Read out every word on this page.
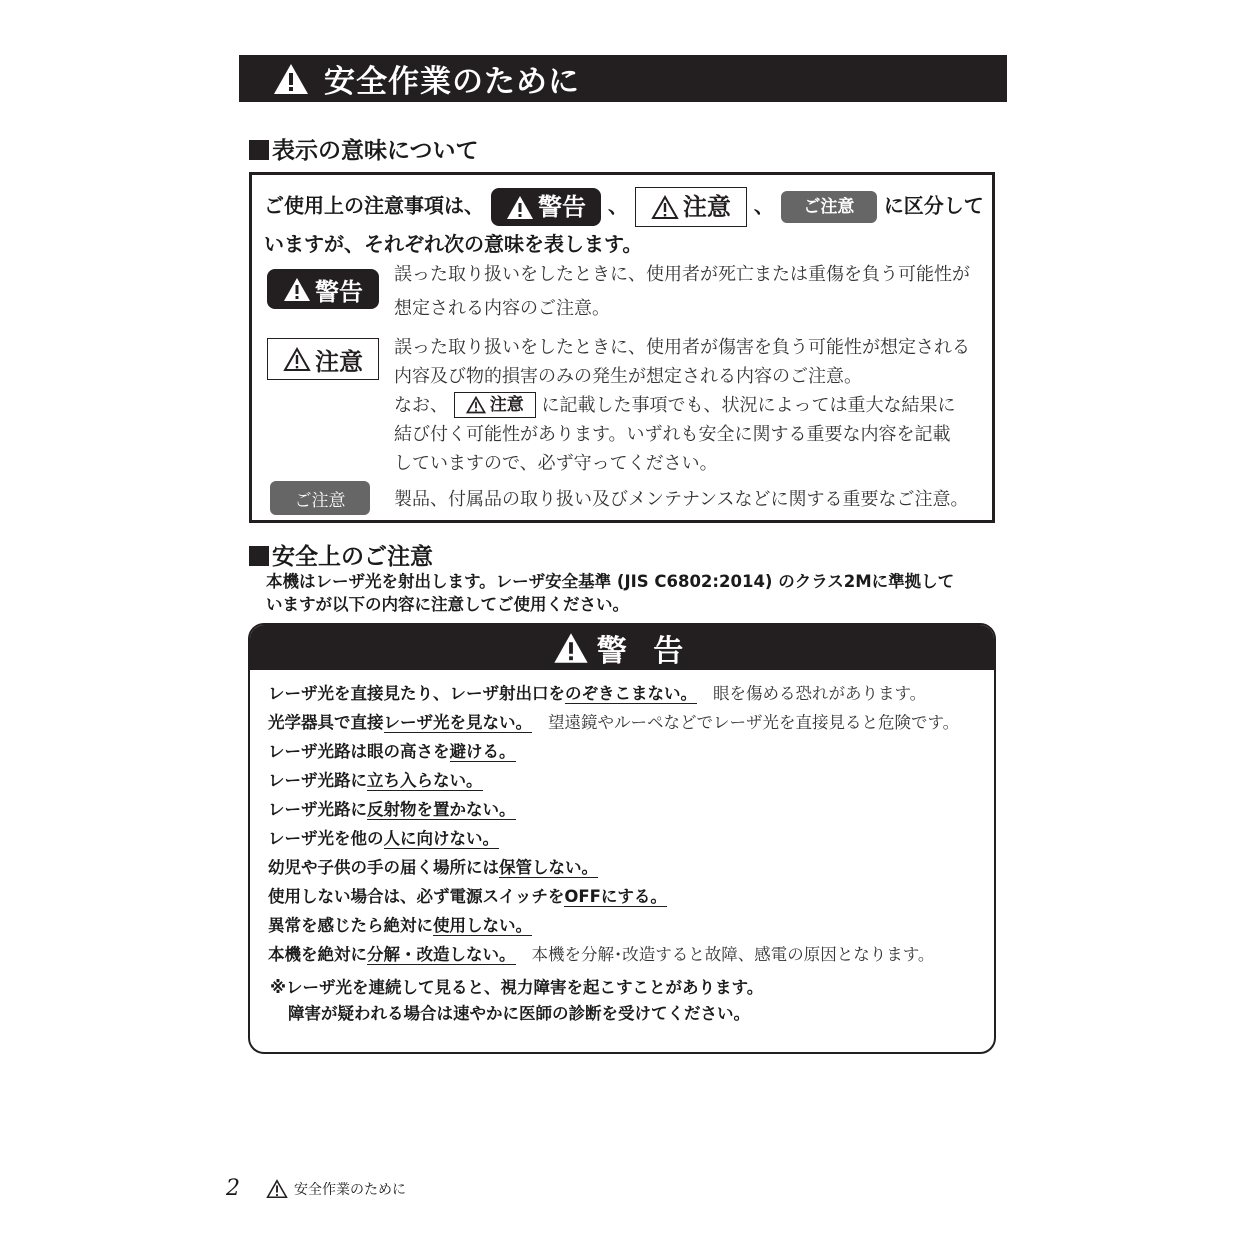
安全作業のために
表示の意味について
ご使用上の注意事項は、 警告 、 注意 、 ご注意 に区分して
いますが、それぞれ次の意味を表します。
警告
誤った取り扱いをしたときに、使用者が死亡または重傷を負う可能性が
想定される内容のご注意。
注意 誤った取り扱いをしたときに、使用者が傷害を負う可能性が想定される
内容及び物的損害のみの発生が想定される内容のご注意。
なお、 注意 に記載した事項でも、状況によっては重大な結果に
結び付く可能性があります。いずれも安全に関する重要な内容を記載
していますので、必ず守ってください。
ご注意	製品、付属品の取り扱い及びメンテナンスなどに関する重要なご注意。
安全上のご注意
本機はレーザ光を射出します。レーザ安全基準 (JIS C6802:2014) のクラス2Mに準拠して
いますが以下の内容に注意してご使用ください。
警 告
レーザ光を直接見たり、レーザ射出口をのぞきこまない。 眼を傷める恐れがあります。
光学器具で直接レーザ光を見ない。 望遠鏡やルーペなどでレーザ光を直接見ると危険です。
レーザ光路は眼の高さを避ける。
レーザ光路に立ち入らない。
レーザ光路に反射物を置かない。
レーザ光を他の人に向けない。
幼児や子供の手の届く場所には保管しない。
使用しない場合は、必ず電源スイッチをOFFにする。
異常を感じたら絶対に使用しない。
本機を絶対に分解・改造しない。 本機を分解･改造すると故障、感電の原因となります。
※レーザ光を連続して見ると、視力障害を起こすことがあります。
障害が疑われる場合は速やかに医師の診断を受けてください。
2	安全作業のために
